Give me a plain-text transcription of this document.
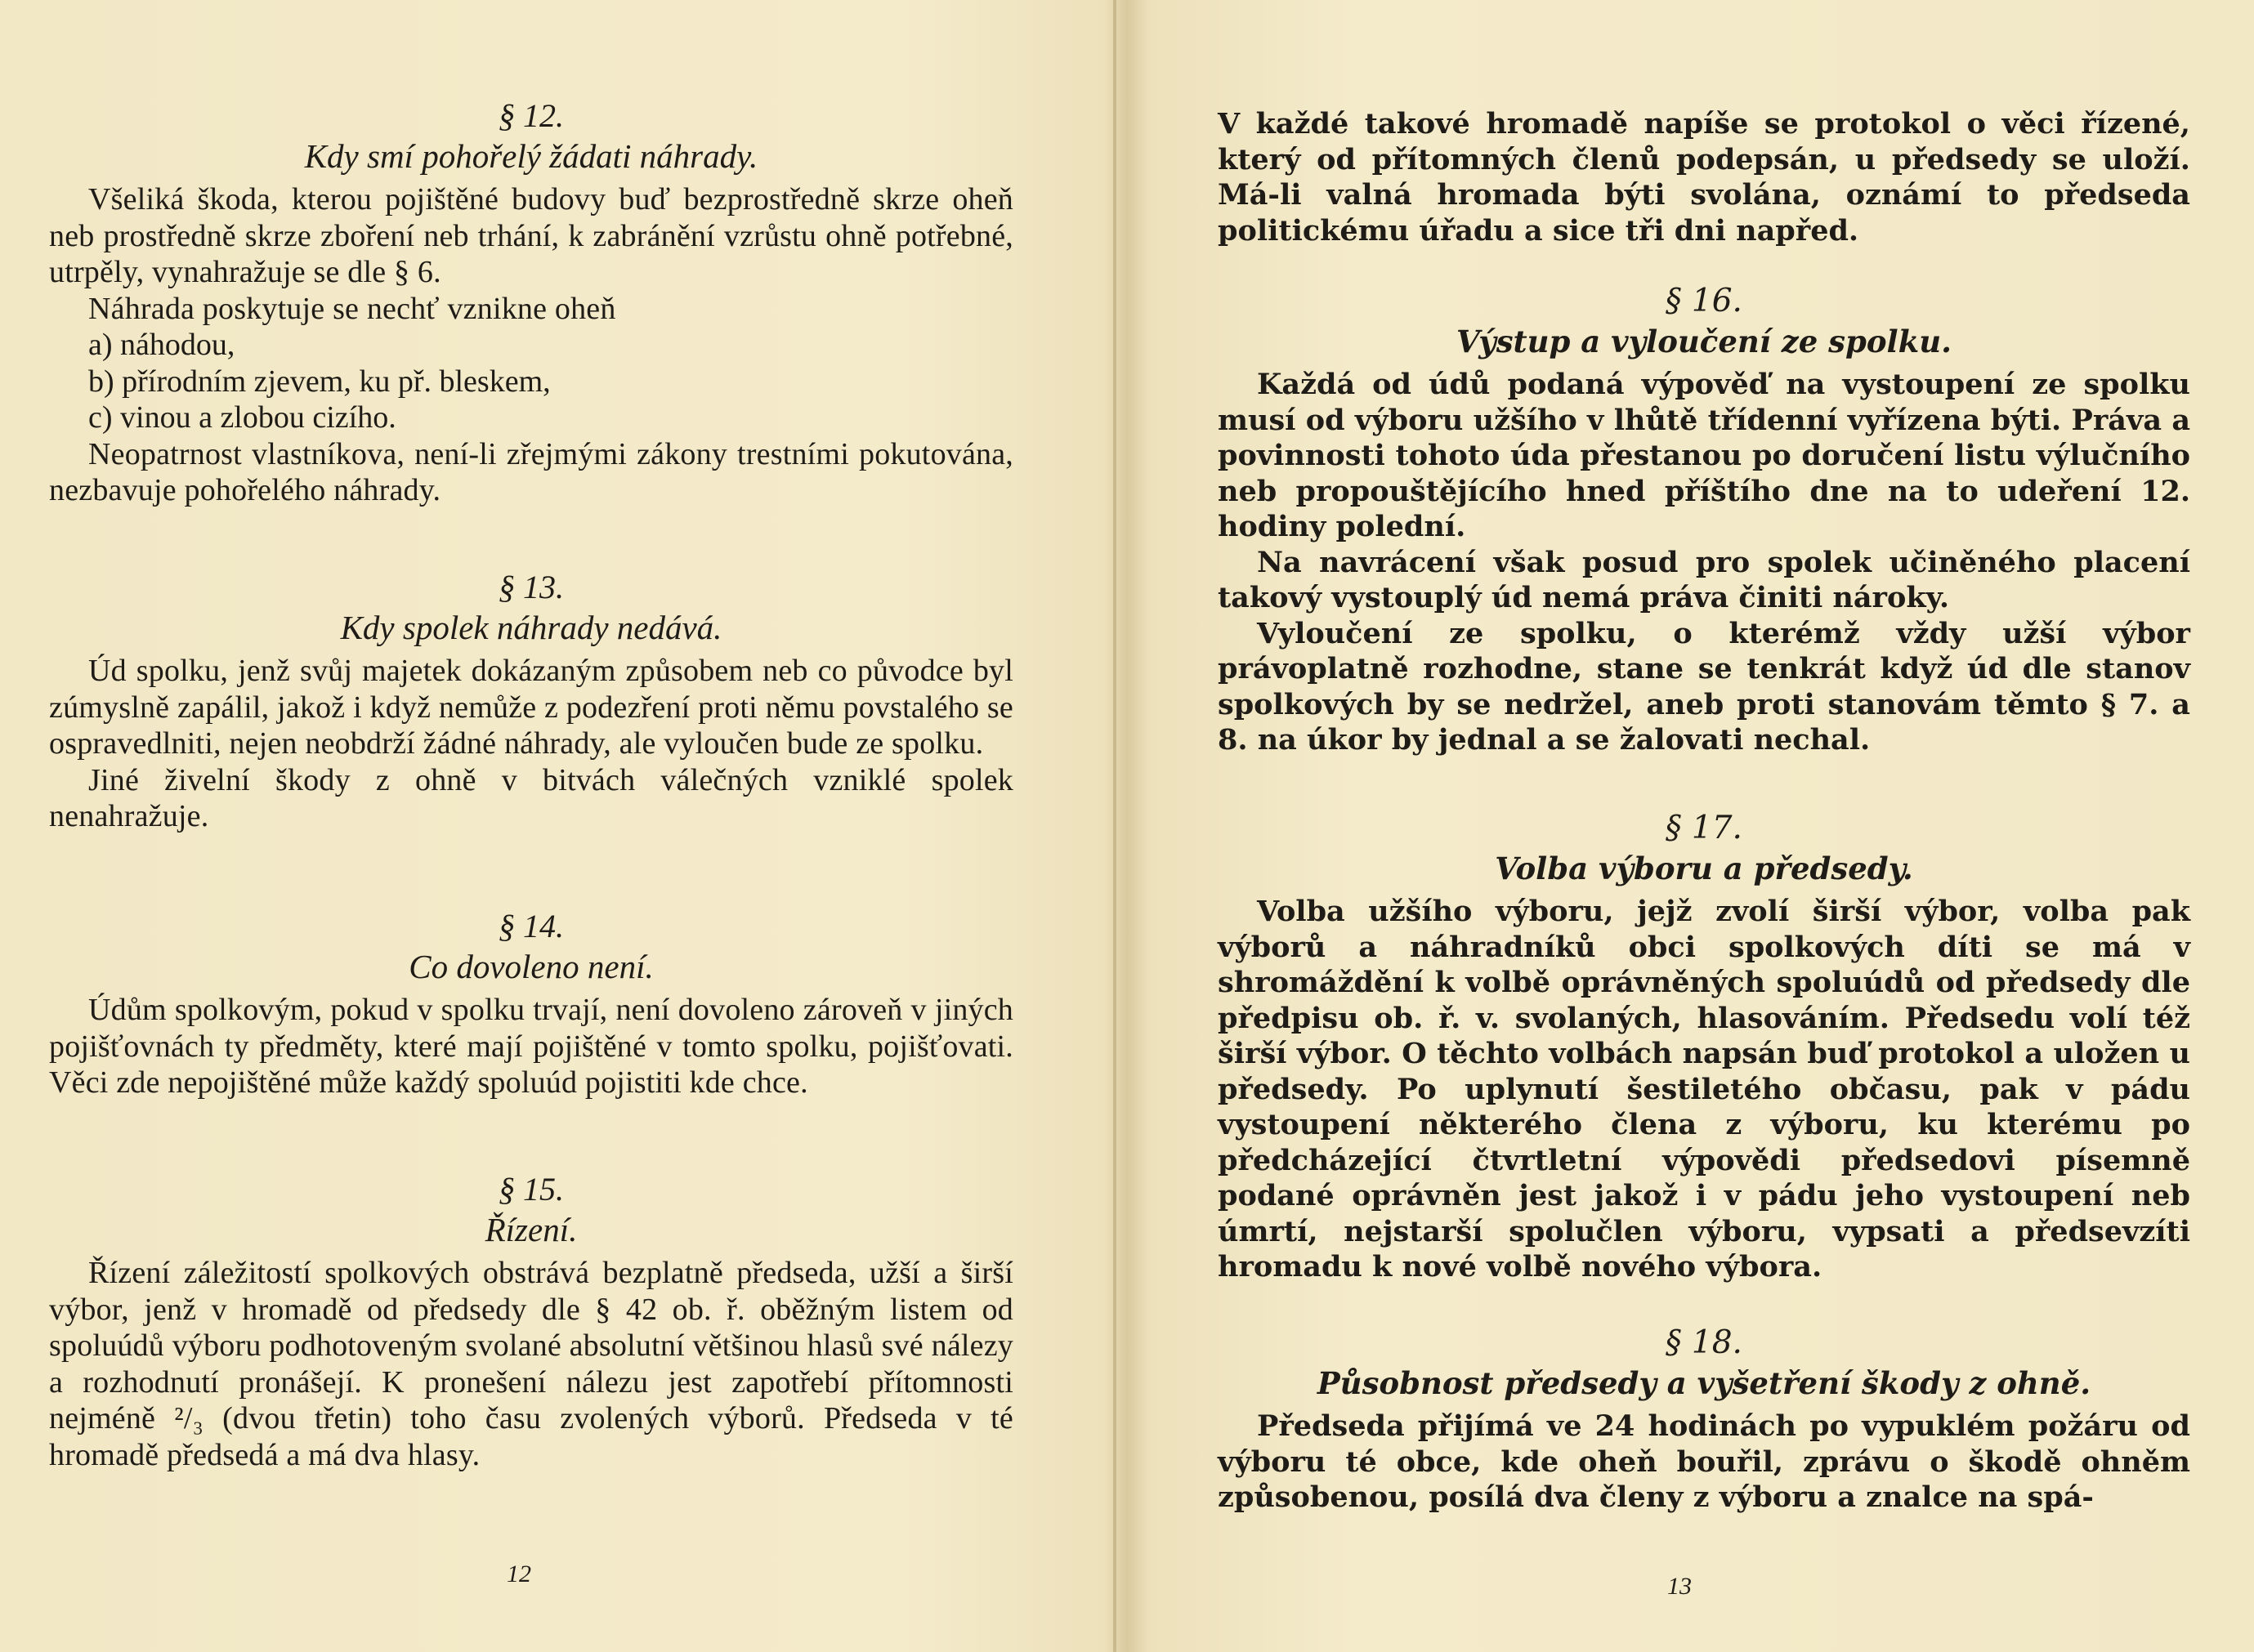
§ 12.

Kdy smí pohořelý žádati náhrady.

Všeliká škoda, kterou pojištěné budovy buď bezprostředně skrze oheň neb prostředně skrze zboření neb trhání, k zabránění vzrůstu ohně potřebné, utrpěly, vynahražuje se dle § 6.

Náhrada poskytuje se nechť vznikne oheň

a) náhodou,

b) přírodním zjevem, ku př. bleskem,

c) vinou a zlobou cizího.

Neopatrnost vlastníkova, není-li zřejmými zákony trestními pokutována, nezbavuje pohořelého náhrady.

§ 13.

Kdy spolek náhrady nedává.

Úd spolku, jenž svůj majetek dokázaným způsobem neb co původce byl zúmyslně zapálil, jakož i když nemůže z podezření proti němu povstalého se ospravedlniti, nejen neobdrží žádné náhrady, ale vyloučen bude ze spolku.

Jiné živelní škody z ohně v bitvách válečných vzniklé spolek nenahražuje.

§ 14.

Co dovoleno není.

Údům spolkovým, pokud v spolku trvají, není dovoleno zároveň v jiných pojišťovnách ty předměty, které mají pojištěné v tomto spolku, pojišťovati. Věci zde nepojištěné může každý spoluúd pojistiti kde chce.

§ 15.

Řízení.

Řízení záležitostí spolkových obstrává bezplatně předseda, užší a širší výbor, jenž v hromadě od předsedy dle § 42 ob. ř. oběžným listem od spoluúdů výboru podhotoveným svolané absolutní většinou hlasů své nálezy a rozhodnutí pronášejí. K pronešení nálezu jest zapotřebí přítomnosti nejméně ²/₃ (dvou třetin) toho času zvolených výborů. Předseda v té hromadě předsedá a má dva hlasy.

12

V každé takové hromadě napíše se protokol o věci řízené, který od přítomných členů podepsán, u předsedy se uloží. Má-li valná hromada býti svolána, oznámí to předseda politickému úřadu a sice tři dni napřed.

§ 16.

Výstup a vyloučení ze spolku.

Každá od údů podaná výpověď na vystoupení ze spolku musí od výboru užšího v lhůtě třídenní vyřízena býti. Práva a povinnosti tohoto úda přestanou po doručení listu výlučního neb propouštějícího hned příštího dne na to udeření 12. hodiny polední.

Na navrácení však posud pro spolek učiněného placení takový vystouplý úd nemá práva činiti nároky.

Vyloučení ze spolku, o kterémž vždy užší výbor právoplatně rozhodne, stane se tenkrát když úd dle stanov spolkových by se nedržel, aneb proti stanovám těmto § 7. a 8. na úkor by jednal a se žalovati nechal.

§ 17.

Volba výboru a předsedy.

Volba užšího výboru, jejž zvolí širší výbor, volba pak výborů a náhradníků obci spolkových díti se má v shromáždění k volbě oprávněných spoluúdů od předsedy dle předpisu ob. ř. v. svolaných, hlasováním. Předsedu volí též širší výbor. O těchto volbách napsán buď protokol a uložen u předsedy. Po uplynutí šestiletého občasu, pak v pádu vystoupení některého člena z výboru, ku kterému po předcházející čtvrtletní výpovědi předsedovi písemně podané oprávněn jest jakož i v pádu jeho vystoupení neb úmrtí, nejstarší spolučlen výboru, vypsati a předsevzíti hromadu k nové volbě nového výbora.

§ 18.

Působnost předsedy a vyšetření škody z ohně.

Předseda přijímá ve 24 hodinách po vypuklém požáru od výboru té obce, kde oheň bouřil, zprávu o škodě ohněm způsobenou, posílá dva členy z výboru a znalce na spá-

13
